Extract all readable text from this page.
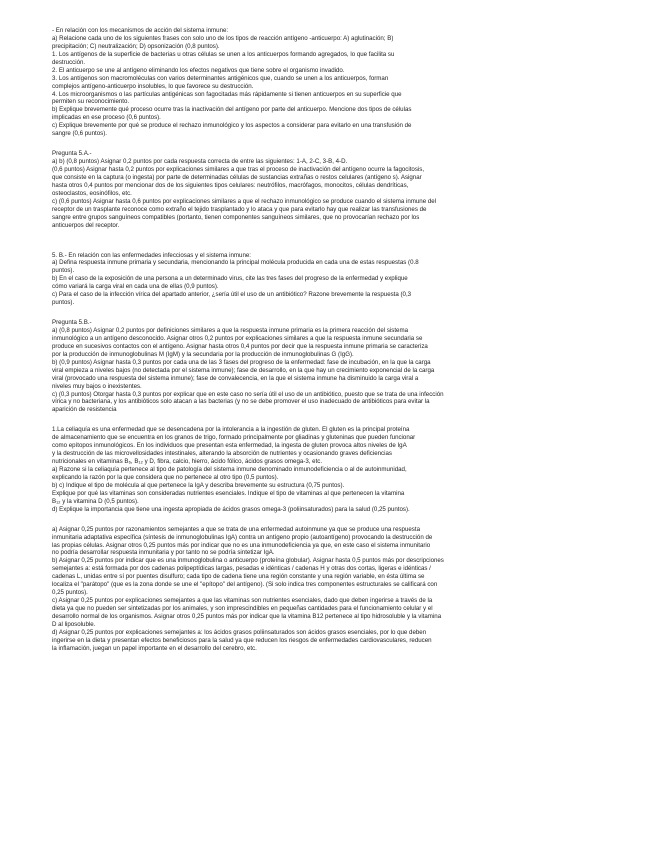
- En relación con los mecanismos de acción del sistema inmune:
a) Relacione cada uno de los siguientes frases con solo uno de los tipos de reacción antígeno -anticuerpo: A) aglutinación; B)
precipitación; C) neutralización; D) opsonización (0,8 puntos).
1. Los antígenos de la superficie de bacterias u otras células se unen a los anticuerpos formando agregados, lo que facilita su
destrucción.
2. El anticuerpo se une al antígeno eliminando los efectos negativos que tiene sobre el organismo invadido.
3. Los antígenos son macromoléculas con varios determinantes antigénicos que, cuando se unen a los anticuerpos, forman
complejos antígeno-anticuerpo insolubles, lo que favorece su destrucción.
4. Los microorganismos o las partículas antigénicas son fagocitadas más rápidamente si tienen anticuerpos en su superficie que
permiten su reconocimiento.
b) Explique brevemente qué proceso ocurre tras la inactivación del antígeno por parte del anticuerpo. Mencione dos tipos de células
implicadas en ese proceso (0,6 puntos).
c) Explique brevemente por qué se produce el rechazo inmunológico y los aspectos a considerar para evitarlo en una transfusión de
sangre (0,6 puntos).
Pregunta 5.A.-
a) b) (0,8 puntos) Asignar 0,2 puntos por cada respuesta correcta de entre las siguientes: 1-A, 2-C, 3-B, 4-D.
(0,6 puntos) Asignar hasta 0,2 puntos por explicaciones similares a que tras el proceso de inactivación del antígeno ocurre la fagocitosis,
que consiste en la captura (o ingesta) por parte de determinadas células de sustancias extrañas o restos celulares (antígeno s). Asignar
hasta otros 0,4 puntos por mencionar dos de los siguientes tipos celulares: neutrófilos, macrófagos, monocitos, células dendríticas,
osteoclastos, eosinófilos, etc.
c) (0,6 puntos) Asignar hasta 0,6 puntos por explicaciones similares a que el rechazo inmunológico se produce cuando el sistema inmune del
receptor de un trasplante reconoce como extraño el tejido trasplantado y lo ataca y que para evitarlo hay que realizar las transfusiones de
sangre entre grupos sanguíneos compatibles (portanto, tienen componentes sanguíneos similares, que no provocarían rechazo por los
anticuerpos del receptor.
5. B.- En relación con las enfermedades infecciosas y el sistema inmune:
a) Defina respuesta inmune primaria y secundaria, mencionando la principal molécula producida en cada una de estas respuestas (0.8
puntos).
b) En el caso de la exposición de una persona a un determinado virus, cite las tres fases del progreso de la enfermedad y explique
cómo variará la carga viral en cada una de ellas (0,9 puntos).
c) Para el caso de la infección vírica del apartado anterior, ¿sería útil el uso de un antibiótico? Razone brevemente la respuesta (0,3
puntos).
Pregunta 5.B.-
a) (0,8 puntos) Asignar 0,2 puntos por definiciones similares a que la respuesta inmune primaria es la primera reacción del sistema
inmunológico a un antígeno desconocido. Asignar otros 0,2 puntos por explicaciones similares a que la respuesta inmune secundaria se
produce en sucesivos contactos con el antígeno. Asignar hasta otros 0,4 puntos por decir que la respuesta inmune primaria se caracteriza
por la producción de inmunoglobulinas M (IgM) y la secundaria por la producción de inmunoglobulinas G (IgG).
b) (0,9 puntos) Asignar hasta 0,3 puntos por cada una de las 3 fases del progreso de la enfermedad: fase de incubación, en la que la carga
viral empieza a niveles bajos (no detectada por el sistema inmune); fase de desarrollo, en la que hay un crecimiento exponencial de la carga
viral (provocado una respuesta del sistema inmune); fase de convalecencia, en la que el sistema inmune ha disminuido la carga viral a
niveles muy bajos o inexistentes.
c) (0,3 puntos) Otorgar hasta 0,3 puntos por explicar que en este caso no sería útil el uso de un antibiótico, puesto que se trata de una infección
vírica y no bacteriana, y los antibióticos solo atacan a las bacterias (y no se debe promover el uso inadecuado de antibióticos para evitar la
aparición de resistencia
1.La celiaquía es una enfermedad que se desencadena por la intolerancia a la ingestión de gluten. El gluten es la principal proteína
de almacenamiento que se encuentra en los granos de trigo, formado principalmente por gliadinas y gluteninas que pueden funcionar
como epítopos inmunológicos. En los individuos que presentan esta enfermedad, la ingesta de gluten provoca altos niveles de IgA
y la destrucción de las microvellosidades intestinales, alterando la absorción de nutrientes y ocasionando graves deficiencias
nutricionales en vitaminas B₆, B₁₂ y D, fibra, calcio, hierro, ácido fólico, ácidos grasos omega-3, etc.
a) Razone si la celiaquía pertenece al tipo de patología del sistema inmune denominado inmunodeficiencia o al de autoinmunidad,
explicando la razón por la que considera que no pertenece al otro tipo (0,5 puntos).
b) c) Indique el tipo de molécula al que pertenece la IgA y describa brevemente su estructura (0,75 puntos).
Explique por qué las vitaminas son consideradas nutrientes esenciales. Indique el tipo de vitaminas al que pertenecen la vitamina
B₁₂ y la vitamina D (0,5 puntos).
d) Explique la importancia que tiene una ingesta apropiada de ácidos grasos omega-3 (poliinsaturados) para la salud (0,25 puntos).
a) Asignar 0,25 puntos por razonamientos semejantes a que se trata de una enfermedad autoinmune ya que se produce una respuesta
inmunitaria adaptativa específica (síntesis de inmunoglobulinas IgA) contra un antígeno propio (autoantígeno) provocando la destrucción de
las propias células. Asignar otros 0,25 puntos más por indicar que no es una inmunodeficiencia ya que, en este caso el sistema inmunitario
no podría desarrollar respuesta inmunitaria y por tanto no se podría sintetizar IgA.
b) Asignar 0,25 puntos por indicar que es una inmunoglobulina o anticuerpo (proteína globular). Asignar hasta 0,5 puntos más por descripciones
semejantes a: está formada por dos cadenas polipeptídicas largas, pesadas e idénticas / cadenas H y otras dos cortas, ligeras e idénticas /
cadenas L, unidas entre sí por puentes disulfuro; cada tipo de cadena tiene una región constante y una región variable, en ésta última se
localiza el "parátopo" (que es la zona donde se une el "epítopo" del antígeno). (Si solo indica tres componentes estructurales se calificará con
0,25 puntos).
c) Asignar 0,25 puntos por explicaciones semejantes a que las vitaminas son nutrientes esenciales, dado que deben ingerirse a través de la
dieta ya que no pueden ser sintetizadas por los animales, y son imprescindibles en pequeñas cantidades para el funcionamiento celular y el
desarrollo normal de los organismos. Asignar otros 0,25 puntos más por indicar que la vitamina B12 pertenece al tipo hidrosoluble y la vitamina
D al liposoluble.
d) Asignar 0,25 puntos por explicaciones semejantes a: los ácidos grasos poliinsaturados son ácidos grasos esenciales, por lo que deben
ingerirse en la dieta y presentan efectos beneficiosos para la salud ya que reducen los riesgos de enfermedades cardiovasculares, reducen
la inflamación, juegan un papel importante en el desarrollo del cerebro, etc.
